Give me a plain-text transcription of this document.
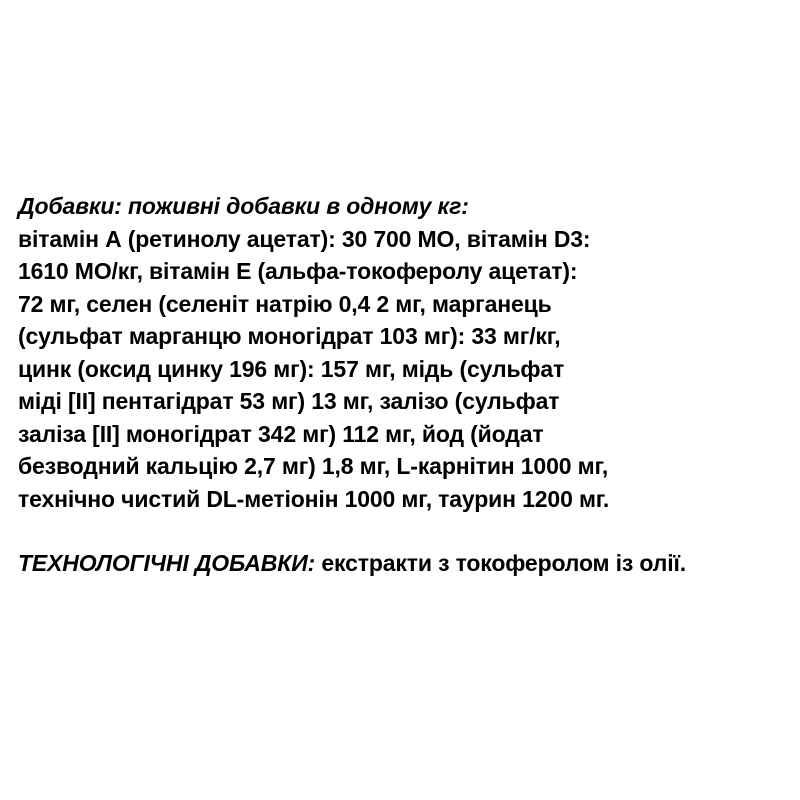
Добавки: поживні добавки в одному кг:
вітамін А (ретинолу ацетат): 30 700 МО, вітамін D3:
1610 МО/кг, вітамін Е (альфа-токоферолу ацетат):
72 мг, селен (селеніт натрію 0,4 2 мг, марганець
(сульфат марганцю моногідрат 103 мг): 33 мг/кг,
цинк (оксид цинку 196 мг): 157 мг, мідь (сульфат
міді [II] пентагідрат 53 мг) 13 мг, залізо (сульфат
заліза [II] моногідрат 342 мг) 112 мг, йод (йодат
безводний кальцію 2,7 мг) 1,8 мг, L-карнітин 1000 мг,
технічно чистий DL-метіонін 1000 мг, таурин 1200 мг.
ТЕХНОЛОГІЧНІ ДОБАВКИ: екстракти з токоферолом із олії.
